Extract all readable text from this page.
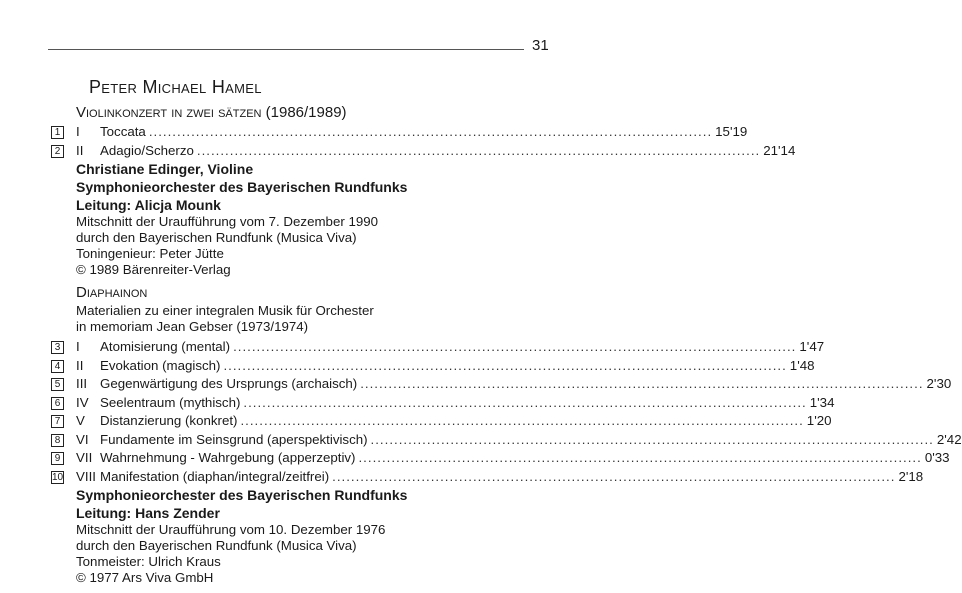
31
Peter Michael Hamel
Violinkonzert in zwei sätzen (1986/1989)
1 I	Toccata ........................................................................................................................ 15'19
2 II	Adagio/Scherzo ........................................................................................................................ 21'14
Christiane Edinger, Violine
Symphonieorchester des Bayerischen Rundfunks
Leitung: Alicja Mounk
Mitschnitt der Uraufführung vom 7. Dezember 1990
durch den Bayerischen Rundfunk (Musica Viva)
Toningenieur: Peter Jütte
© 1989 Bärenreiter-Verlag
Diaphainon
Materialien zu einer integralen Musik für Orchester
in memoriam Jean Gebser (1973/1974)
3 I	Atomisierung (mental) ........................................................................................................................ 1'47
4 II	Evokation (magisch) ........................................................................................................................ 1'48
5 III Gegenwärtigung des Ursprungs (archaisch) ........................................................................................................................ 2'30
6 IV Seelentraum (mythisch) ........................................................................................................................ 1'34
7 V	Distanzierung (konkret) ........................................................................................................................ 1'20
8 VI Fundamente im Seinsgrund (aperspektivisch) ........................................................................................................................ 2'42
9 VII Wahrnehmung - Wahrgebung (apperzeptiv) ........................................................................................................................ 0'33
10 VIII Manifestation (diaphan/integral/zeitfrei) ........................................................................................................................ 2'18
Symphonieorchester des Bayerischen Rundfunks
Leitung: Hans Zender
Mitschnitt der Uraufführung vom 10. Dezember 1976
durch den Bayerischen Rundfunk (Musica Viva)
Tonmeister: Ulrich Kraus
© 1977 Ars Viva GmbH
